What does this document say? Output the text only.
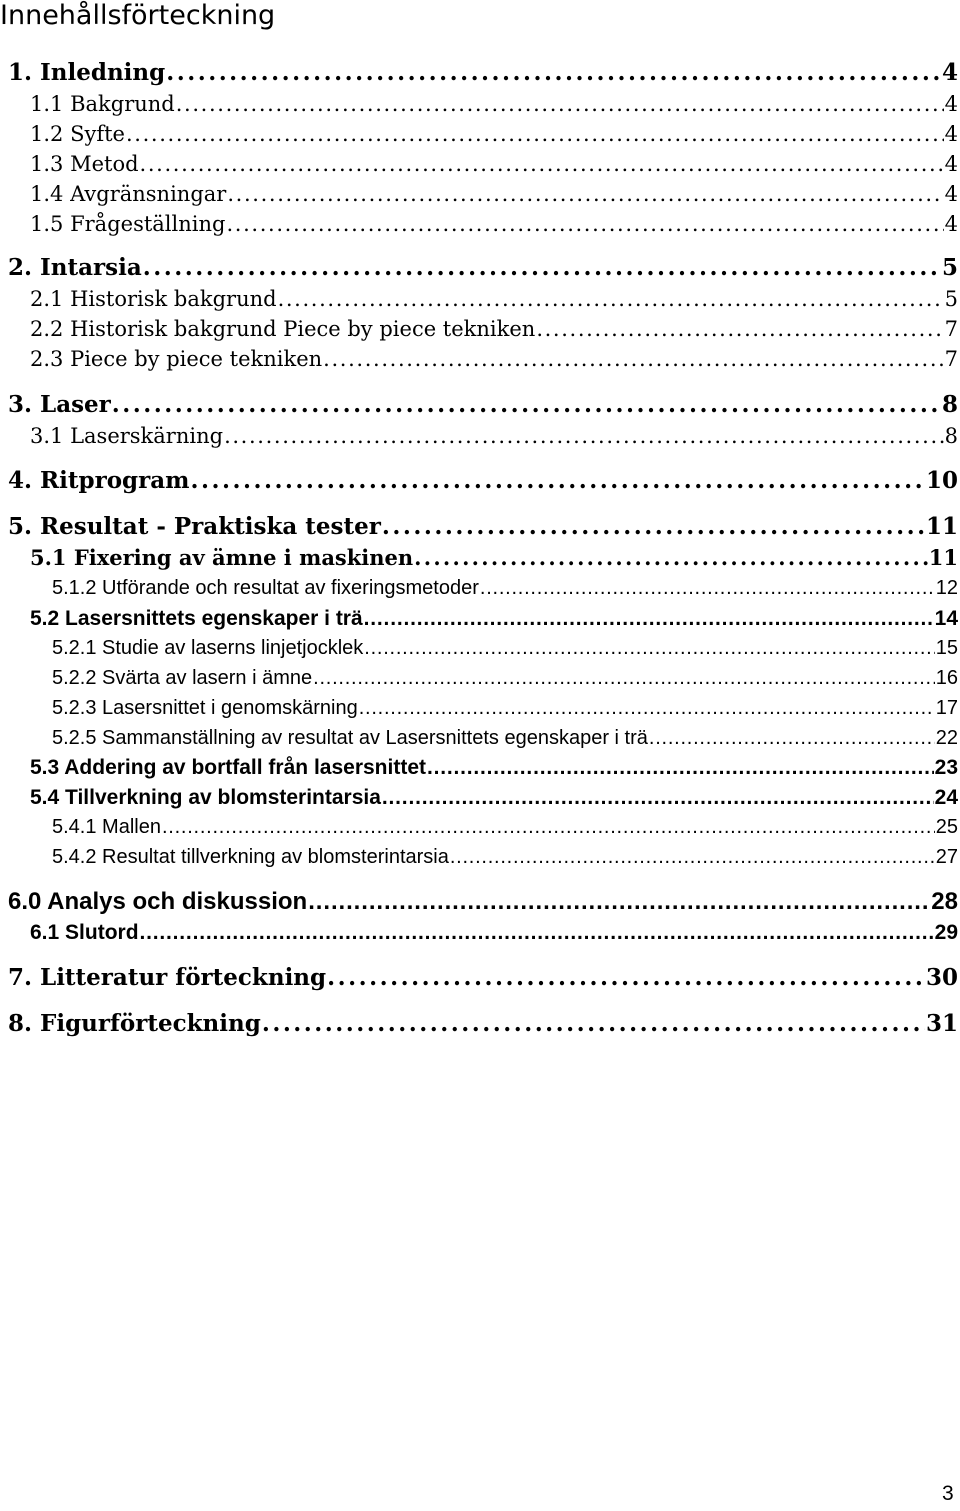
Innehållsförteckning
1. Inledning . . .	4
1.1 Bakgrund . . .	4
1.2 Syfte . . .	4
1.3 Metod . . .	4
1.4 Avgränsningar . . .	4
1.5 Frågeställning . . .	4
2. Intarsia . . .	5
2.1 Historisk bakgrund . . .	5
2.2 Historisk bakgrund Piece by piece tekniken . . .	7
2.3 Piece by piece tekniken . . .	7
3. Laser . . .	8
3.1 Laserskärning . . .	8
4. Ritprogram . . .	10
5. Resultat - Praktiska tester . . .	11
5.1 Fixering av ämne i maskinen . . .	11
5.1.2 Utförande och resultat av fixeringsmetoder . . .	12
5.2 Lasersnittets egenskaper i trä . . .	14
5.2.1 Studie av laserns linjetjocklek . . .	15
5.2.2 Svärta av lasern i ämne . . .	16
5.2.3 Lasersnittet i genomskärning . . .	17
5.2.5 Sammanställning av resultat av Lasersnittets egenskaper i trä . . .	22
5.3 Addering av bortfall från lasersnittet . . .	23
5.4 Tillverkning av blomsterintarsia . . .	24
5.4.1 Mallen . . .	25
5.4.2 Resultat tillverkning av blomsterintarsia . . .	27
6.0 Analys och diskussion . . .	28
6.1 Slutord . . .	29
7. Litteratur förteckning . . .	30
8. Figurförteckning . . .	31
3
